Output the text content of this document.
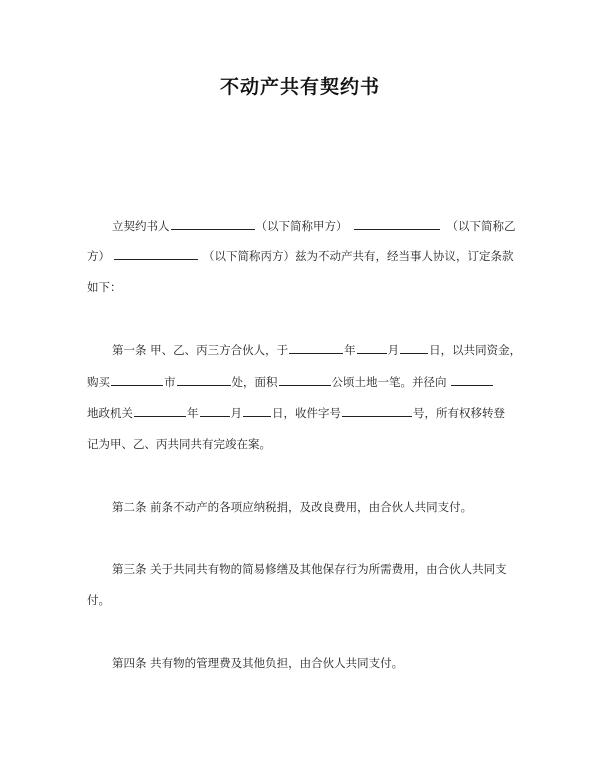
不动产共有契约书
立契约书人	（以下简称甲方）	（以下简称乙
方）	（以下简称丙方）兹为不动产共有，经当事人协议，订定条款
如下：
第一条 甲、乙、丙三方合伙人，于	年	月	日，以共同资金，
购买	市	处，面积	公顷土地一笔。并径向
地政机关	年	月	日，收件字号	号，所有权移转登
记为甲、乙、丙共同共有完竣在案。
第二条 前条不动产的各项应纳税捐，及改良费用，由合伙人共同支付。
第三条 关于共同共有物的简易修缮及其他保存行为所需费用，由合伙人共同支
付。
第四条 共有物的管理费及其他负担，由合伙人共同支付。
